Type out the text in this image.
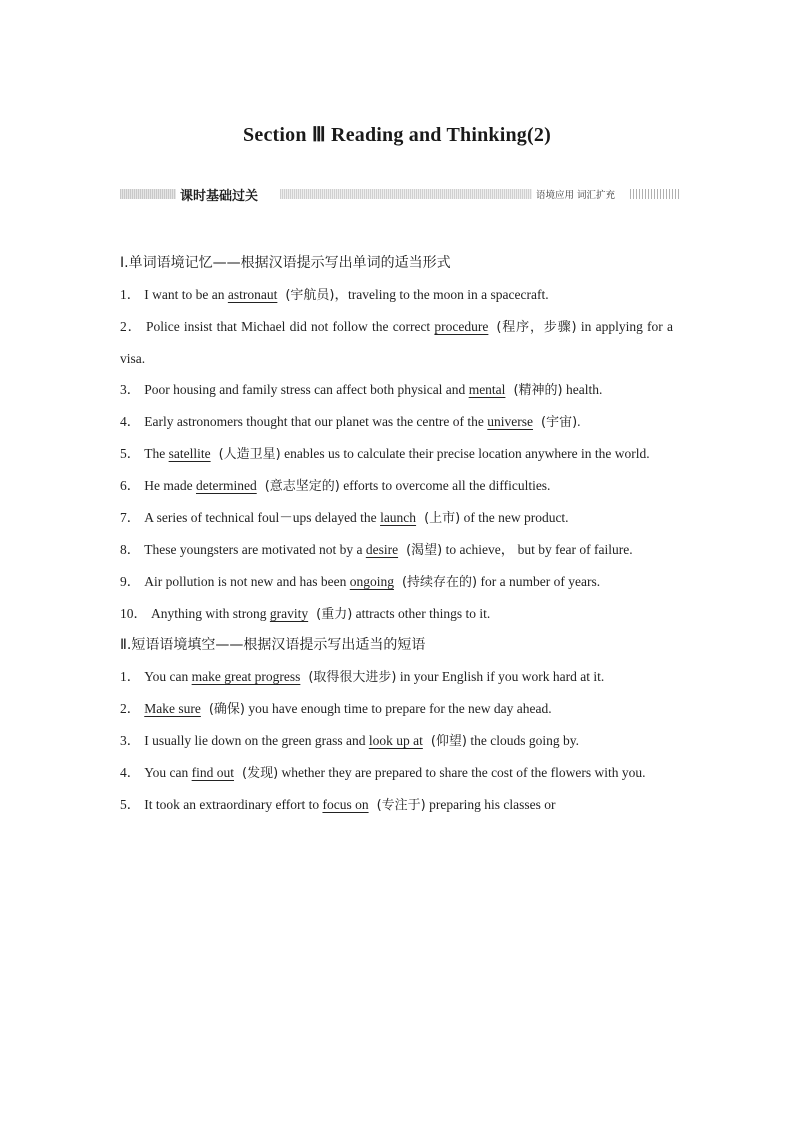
Section Ⅲ Reading and Thinking(2)
课时基础过关	语境应用 词汇扩充
Ⅰ.单词语境记忆——根据汉语提示写出单词的适当形式
1． I want to be an astronaut (宇航员)，traveling to the moon in a spacecraft.
2． Police insist that Michael did not follow the correct procedure (程序，步骤) in applying for a visa.
3． Poor housing and family stress can affect both physical and mental (精神的) health.
4． Early astronomers thought that our planet was the centre of the universe (宇宙).
5． The satellite (人造卫星) enables us to calculate their precise location anywhere in the world.
6． He made determined (意志坚定的) efforts to overcome all the difficulties.
7． A series of technical foul－ups delayed the launch (上市) of the new product.
8． These youngsters are motivated not by a desire (渴望) to achieve， but by fear of failure.
9． Air pollution is not new and has been ongoing (持续存在的) for a number of years.
10． Anything with strong gravity (重力) attracts other things to it.
Ⅱ.短语语境填空——根据汉语提示写出适当的短语
1． You can make great progress (取得很大进步) in your English if you work hard at it.
2． Make sure (确保) you have enough time to prepare for the new day ahead.
3． I usually lie down on the green grass and look up at (仰望) the clouds going by.
4． You can find out (发现) whether they are prepared to share the cost of the flowers with you.
5． It took an extraordinary effort to focus on (专注于) preparing his classes or
